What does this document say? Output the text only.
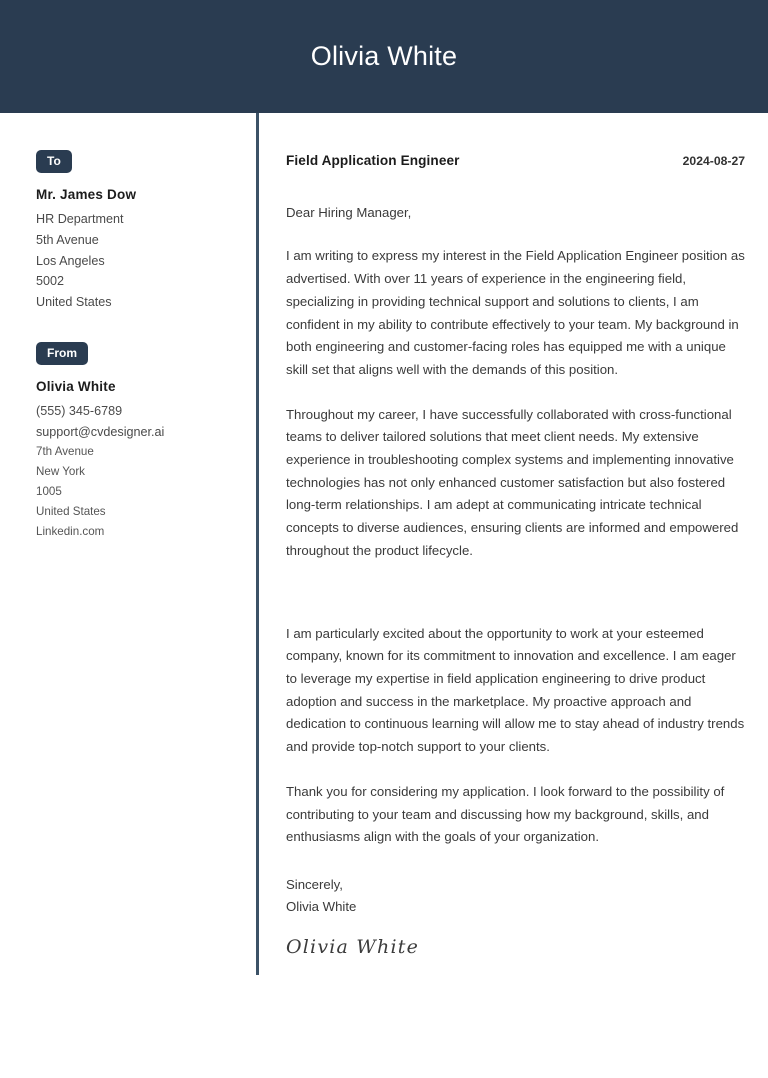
Olivia White
To
Mr. James Dow
HR Department
5th Avenue
Los Angeles
5002
United States
From
Olivia White
(555) 345-6789
support@cvdesigner.ai
7th Avenue
New York
1005
United States
Linkedin.com
Field Application Engineer	2024-08-27
Dear Hiring Manager,
I am writing to express my interest in the Field Application Engineer position as advertised. With over 11 years of experience in the engineering field, specializing in providing technical support and solutions to clients, I am confident in my ability to contribute effectively to your team. My background in both engineering and customer-facing roles has equipped me with a unique skill set that aligns well with the demands of this position.
Throughout my career, I have successfully collaborated with cross-functional teams to deliver tailored solutions that meet client needs. My extensive experience in troubleshooting complex systems and implementing innovative technologies has not only enhanced customer satisfaction but also fostered long-term relationships. I am adept at communicating intricate technical concepts to diverse audiences, ensuring clients are informed and empowered throughout the product lifecycle.
I am particularly excited about the opportunity to work at your esteemed company, known for its commitment to innovation and excellence. I am eager to leverage my expertise in field application engineering to drive product adoption and success in the marketplace. My proactive approach and dedication to continuous learning will allow me to stay ahead of industry trends and provide top-notch support to your clients.
Thank you for considering my application. I look forward to the possibility of contributing to your team and discussing how my background, skills, and enthusiasms align with the goals of your organization.
Sincerely,
Olivia White
Olivia White
